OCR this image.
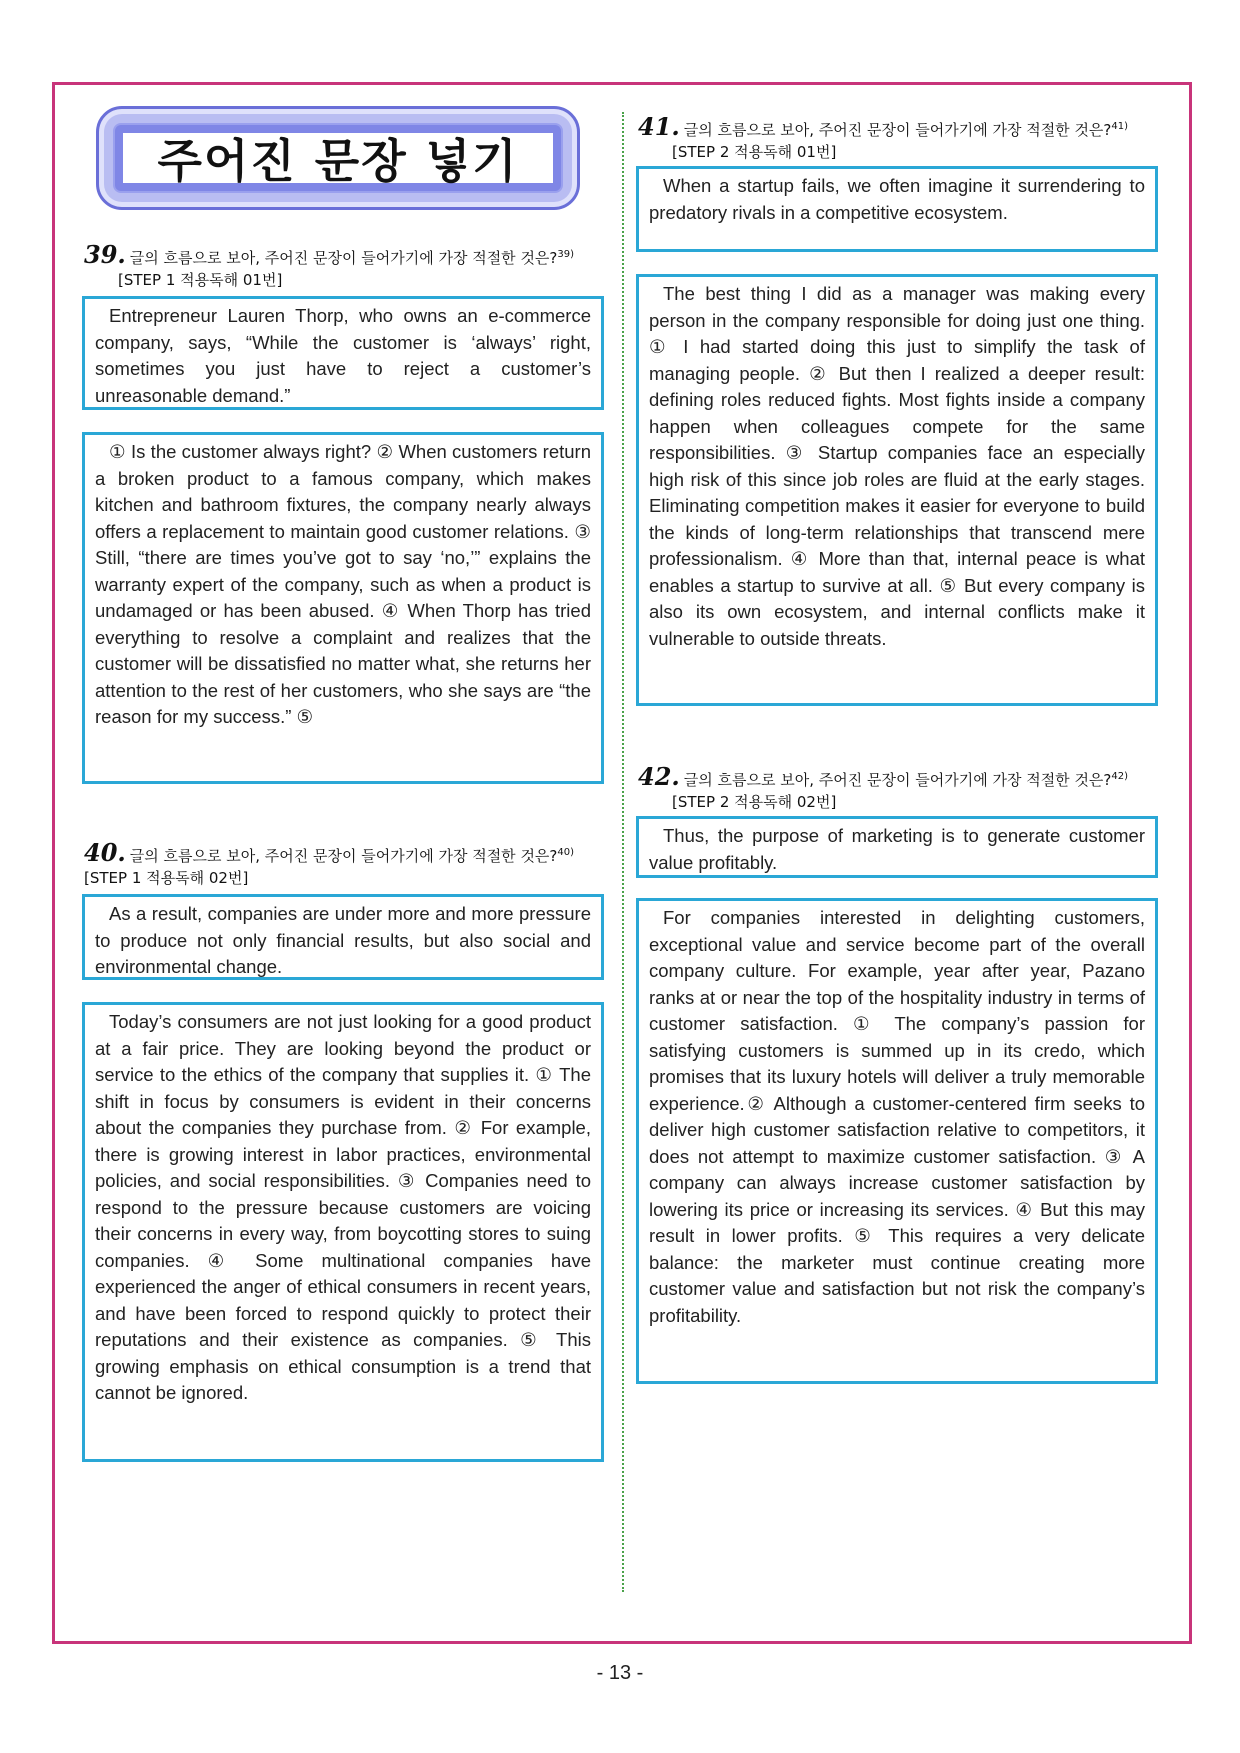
주어진 문장 넣기
39. 글의 흐름으로 보아, 주어진 문장이 들어가기에 가장 적절한 것은?$^{39)}$
[STEP 1 적용독해 01번]

Entrepreneur Lauren Thorp, who owns an e-commerce company, says, “While the customer is ‘always’ right, sometimes you just have to reject a customer’s unreasonable demand.”

① Is the customer always right? ② When customers return a broken product to a famous company, which makes kitchen and bathroom fixtures, the company nearly always offers a replacement to maintain good customer relations. ③ Still, “there are times you’ve got to say ‘no,’” explains the warranty expert of the company, such as when a product is undamaged or has been abused. ④ When Thorp has tried everything to resolve a complaint and realizes that the customer will be dissatisfied no matter what, she returns her attention to the rest of her customers, who she says are “the reason for my success.” ⑤

40. 글의 흐름으로 보아, 주어진 문장이 들어가기에 가장 적절한 것은?$^{40)}$[STEP 1 적용독해 02번]

As a result, companies are under more and more pressure to produce not only financial results, but also social and environmental change.

Today’s consumers are not just looking for a good product at a fair price. They are looking beyond the product or service to the ethics of the company that supplies it. ① The shift in focus by consumers is evident in their concerns about the companies they purchase from. ② For example, there is growing interest in labor practices, environmental policies, and social responsibilities. ③ Companies need to respond to the pressure because customers are voicing their concerns in every way, from boycotting stores to suing companies. ④ Some multinational companies have experienced the anger of ethical consumers in recent years, and have been forced to respond quickly to protect their reputations and their existence as companies. ⑤ This growing emphasis on ethical consumption is a trend that cannot be ignored.

41. 글의 흐름으로 보아, 주어진 문장이 들어가기에 가장 적절한 것은?$^{41)}$
[STEP 2 적용독해 01번]

When a startup fails, we often imagine it surrendering to predatory rivals in a competitive ecosystem.

The best thing I did as a manager was making every person in the company responsible for doing just one thing. ① I had started doing this just to simplify the task of managing people. ② But then I realized a deeper result: defining roles reduced fights. Most fights inside a company happen when colleagues compete for the same responsibilities. ③ Startup companies face an especially high risk of this since job roles are fluid at the early stages. Eliminating competition makes it easier for everyone to build the kinds of long-term relationships that transcend mere professionalism. ④ More than that, internal peace is what enables a startup to survive at all. ⑤ But every company is also its own ecosystem, and internal conflicts make it vulnerable to outside threats.

42. 글의 흐름으로 보아, 주어진 문장이 들어가기에 가장 적절한 것은?$^{42)}$
[STEP 2 적용독해 02번]

Thus, the purpose of marketing is to generate customer value profitably.

For companies interested in delighting customers, exceptional value and service become part of the overall company culture. For example, year after year, Pazano ranks at or near the top of the hospitality industry in terms of customer satisfaction. ① The company’s passion for satisfying customers is summed up in its credo, which promises that its luxury hotels will deliver a truly memorable experience.② Although a customer-centered firm seeks to deliver high customer satisfaction relative to competitors, it does not attempt to maximize customer satisfaction. ③ A company can always increase customer satisfaction by lowering its price or increasing its services. ④ But this may result in lower profits. ⑤ This requires a very delicate balance: the marketer must continue creating more customer value and satisfaction but not risk the company’s profitability.

- 13 -
